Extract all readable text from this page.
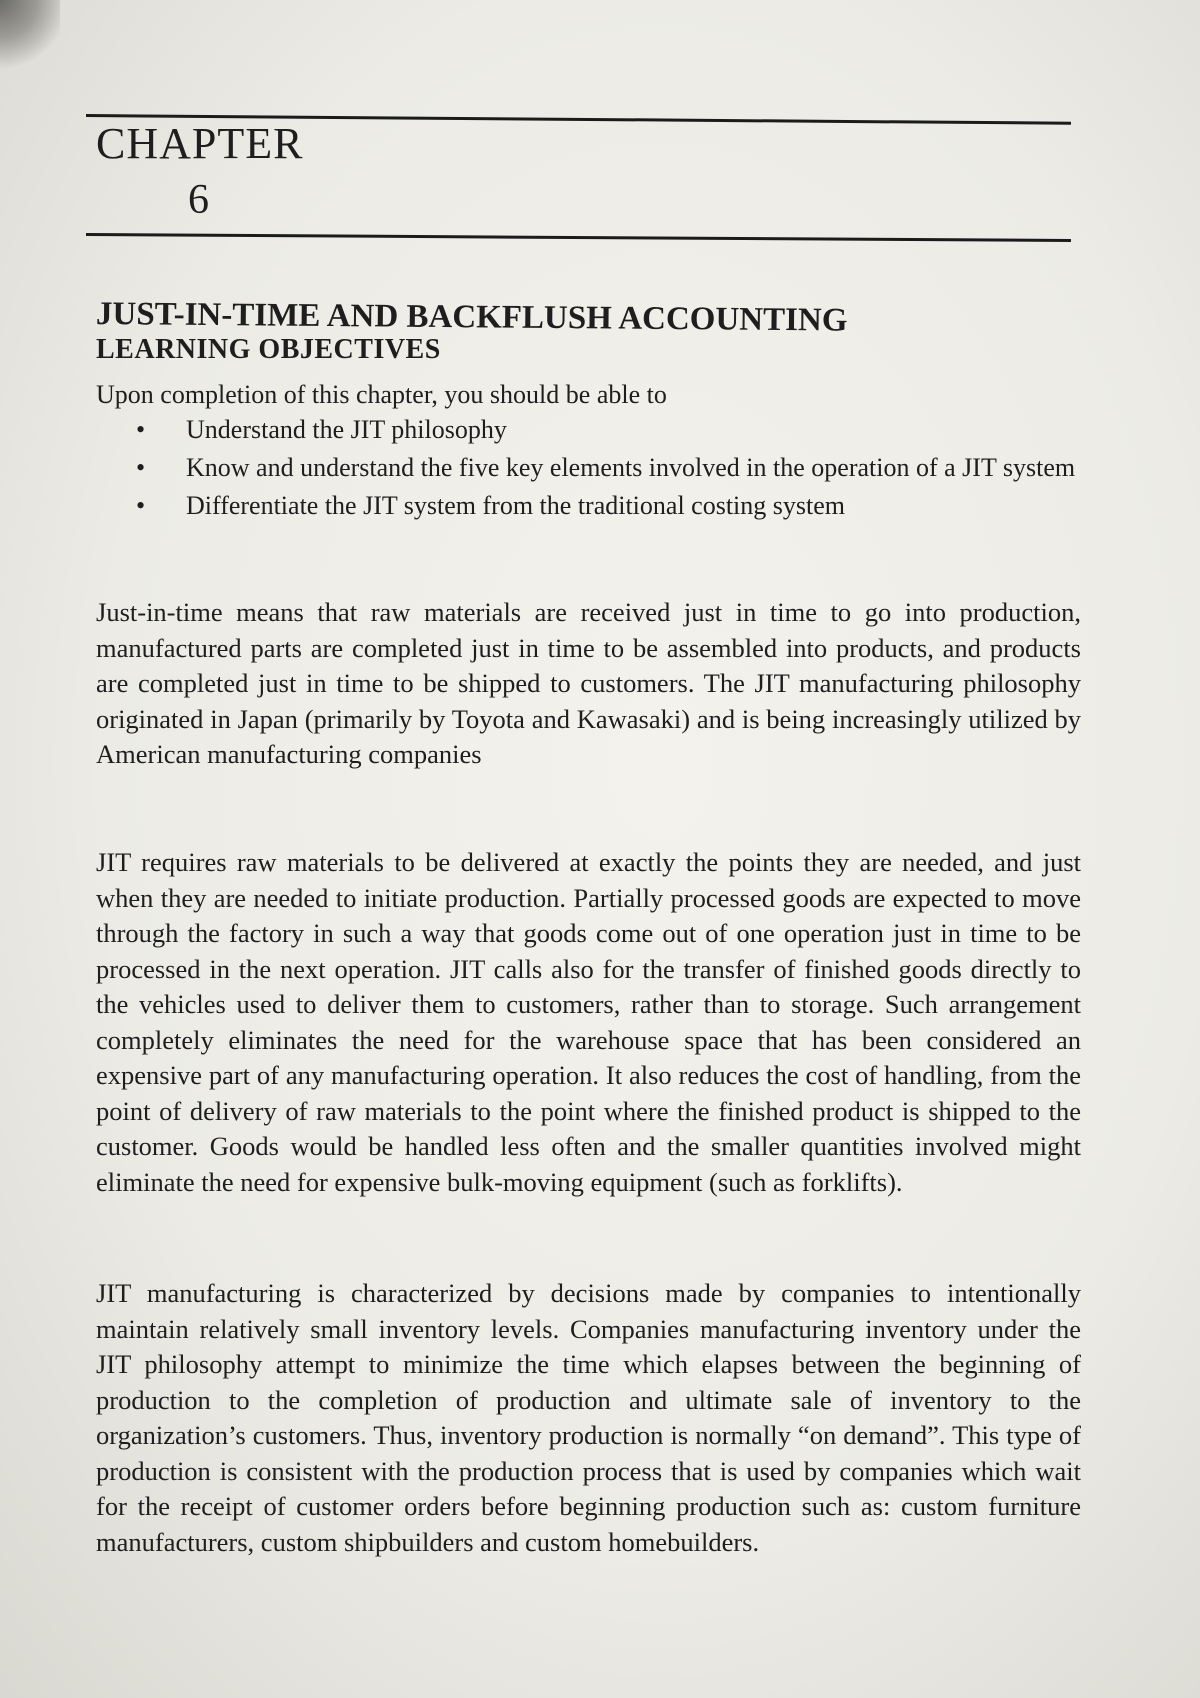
CHAPTER
6
JUST-IN-TIME AND BACKFLUSH ACCOUNTING
LEARNING OBJECTIVES

Upon completion of this chapter, you should be able to

• Understand the JIT philosophy
• Know and understand the five key elements involved in the operation of a JIT system
• Differentiate the JIT system from the traditional costing system

Just-in-time means that raw materials are received just in time to go into production, manufactured parts are completed just in time to be assembled into products, and products are completed just in time to be shipped to customers. The JIT manufacturing philosophy originated in Japan (primarily by Toyota and Kawasaki) and is being increasingly utilized by American manufacturing companies

JIT requires raw materials to be delivered at exactly the points they are needed, and just when they are needed to initiate production. Partially processed goods are expected to move through the factory in such a way that goods come out of one operation just in time to be processed in the next operation. JIT calls also for the transfer of finished goods directly to the vehicles used to deliver them to customers, rather than to storage. Such arrangement completely eliminates the need for the warehouse space that has been considered an expensive part of any manufacturing operation. It also reduces the cost of handling, from the point of delivery of raw materials to the point where the finished product is shipped to the customer. Goods would be handled less often and the smaller quantities involved might eliminate the need for expensive bulk-moving equipment (such as forklifts).

JIT manufacturing is characterized by decisions made by companies to intentionally maintain relatively small inventory levels. Companies manufacturing inventory under the JIT philosophy attempt to minimize the time which elapses between the beginning of production to the completion of production and ultimate sale of inventory to the organization’s customers. Thus, inventory production is normally “on demand”. This type of production is consistent with the production process that is used by companies which wait for the receipt of customer orders before beginning production such as: custom furniture manufacturers, custom shipbuilders and custom homebuilders.
